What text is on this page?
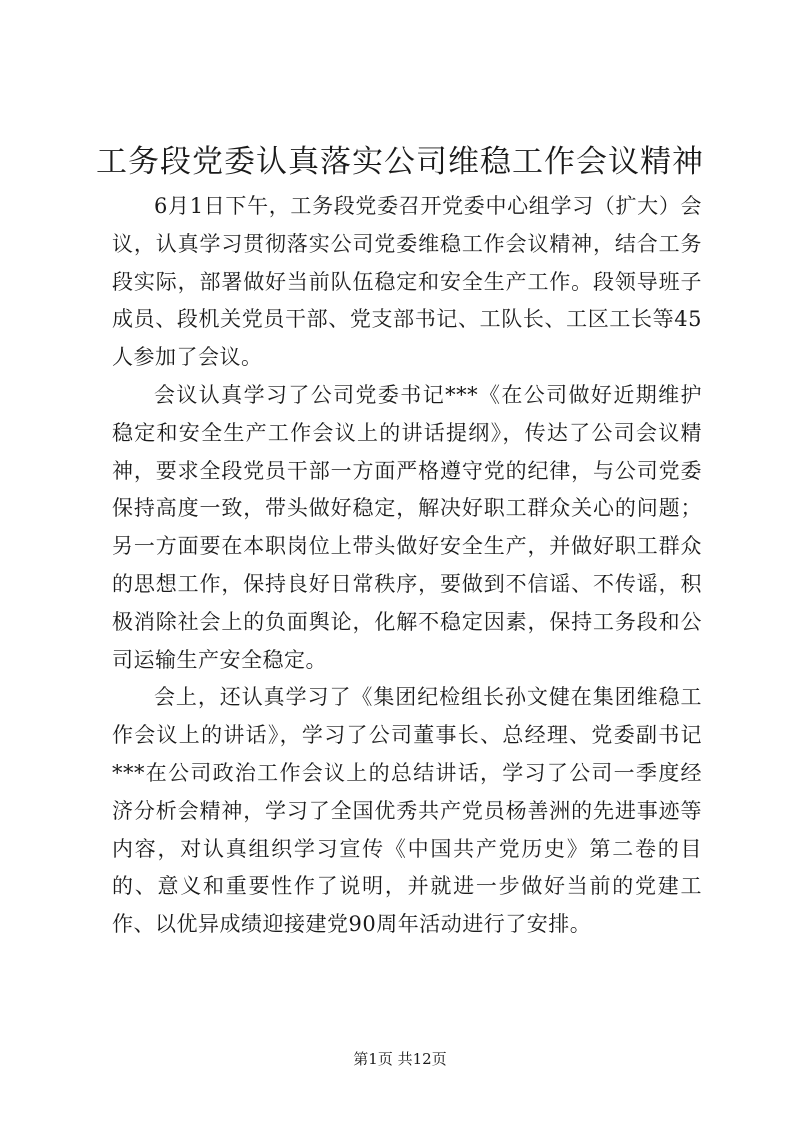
工务段党委认真落实公司维稳工作会议精神

6月1日下午，工务段党委召开党委中心组学习（扩大）会议，认真学习贯彻落实公司党委维稳工作会议精神，结合工务段实际，部署做好当前队伍稳定和安全生产工作。段领导班子成员、段机关党员干部、党支部书记、工队长、工区工长等45人参加了会议。

会议认真学习了公司党委书记***《在公司做好近期维护稳定和安全生产工作会议上的讲话提纲》，传达了公司会议精神，要求全段党员干部一方面严格遵守党的纪律，与公司党委保持高度一致，带头做好稳定，解决好职工群众关心的问题；另一方面要在本职岗位上带头做好安全生产，并做好职工群众的思想工作，保持良好日常秩序，要做到不信谣、不传谣，积极消除社会上的负面舆论，化解不稳定因素，保持工务段和公司运输生产安全稳定。

会上，还认真学习了《集团纪检组长孙文健在集团维稳工作会议上的讲话》，学习了公司董事长、总经理、党委副书记***在公司政治工作会议上的总结讲话，学习了公司一季度经济分析会精神，学习了全国优秀共产党员杨善洲的先进事迹等内容，对认真组织学习宣传《中国共产党历史》第二卷的目的、意义和重要性作了说明，并就进一步做好当前的党建工作、以优异成绩迎接建党90周年活动进行了安排。

第1页 共12页
